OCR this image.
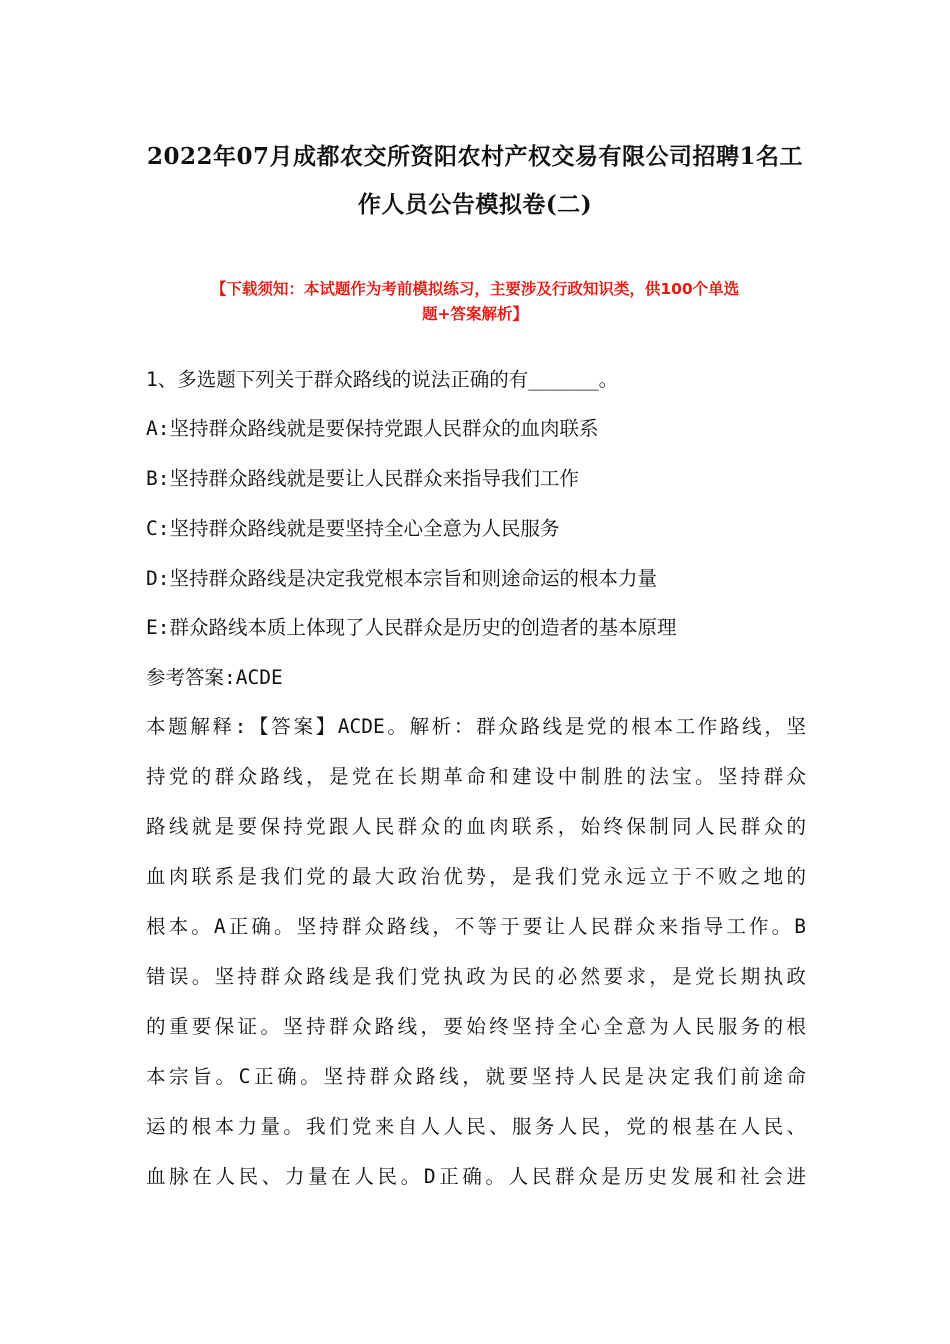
2022年07月成都农交所资阳农村产权交易有限公司招聘1名工
作人员公告模拟卷(二)
【下载须知：本试题作为考前模拟练习，主要涉及行政知识类，供100个单选
题+答案解析】
1、多选题下列关于群众路线的说法正确的有______。
A:坚持群众路线就是要保持党跟人民群众的血肉联系
B:坚持群众路线就是要让人民群众来指导我们工作
C:坚持群众路线就是要坚持全心全意为人民服务
D:坚持群众路线是决定我党根本宗旨和则途命运的根本力量
E:群众路线本质上体现了人民群众是历史的创造者的基本原理
参考答案:ACDE
本题解释:【答案】ACDE。解析：群众路线是党的根本工作路线，坚
持党的群众路线，是党在长期革命和建设中制胜的法宝。坚持群众
路线就是要保持党跟人民群众的血肉联系，始终保制同人民群众的
血肉联系是我们党的最大政治优势，是我们党永远立于不败之地的
根本。A正确。坚持群众路线，不等于要让人民群众来指导工作。B
错误。坚持群众路线是我们党执政为民的必然要求，是党长期执政
的重要保证。坚持群众路线，要始终坚持全心全意为人民服务的根
本宗旨。C正确。坚持群众路线，就要坚持人民是决定我们前途命
运的根本力量。我们党来自人人民、服务人民，党的根基在人民、
血脉在人民、力量在人民。D正确。人民群众是历史发展和社会进
